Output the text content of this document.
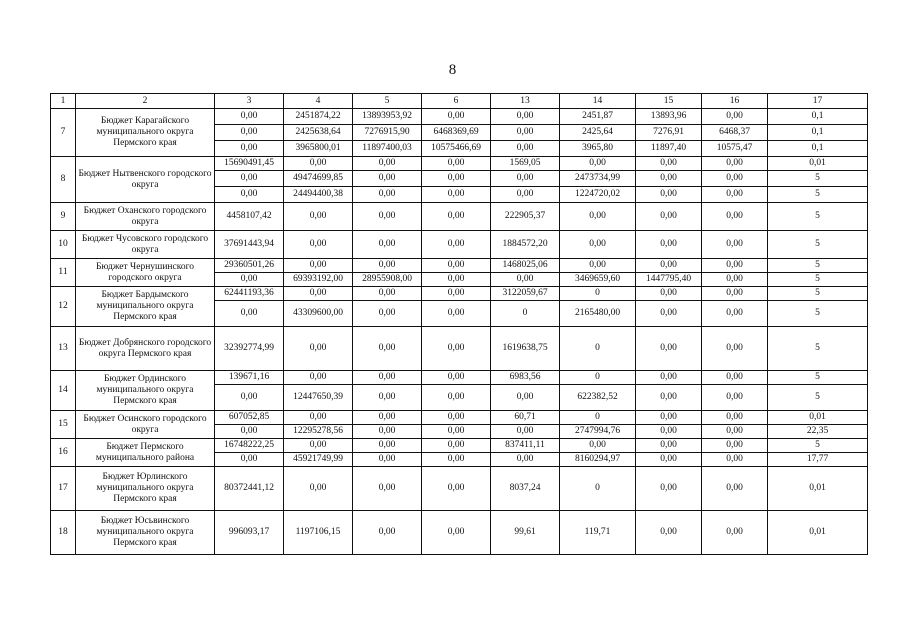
8
1	2	3	4	5	6	13	14	15	16	17
7	Бюджет Карагайского муниципального округа Пермского края	0,00	2451874,22	13893953,92	0,00	0,00	2451,87	13893,96	0,00	0,1
		0,00	2425638,64	7276915,90	6468369,69	0,00	2425,64	7276,91	6468,37	0,1
		0,00	3965800,01	11897400,03	10575466,69	0,00	3965,80	11897,40	10575,47	0,1
8	Бюджет Нытвенского городского округа	15690491,45	0,00	0,00	0,00	1569,05	0,00	0,00	0,00	0,01
		0,00	49474699,85	0,00	0,00	0,00	2473734,99	0,00	0,00	5
		0,00	24494400,38	0,00	0,00	0,00	1224720,02	0,00	0,00	5
9	Бюджет Оханского городского округа	4458107,42	0,00	0,00	0,00	222905,37	0,00	0,00	0,00	5
10	Бюджет Чусовского городского округа	37691443,94	0,00	0,00	0,00	1884572,20	0,00	0,00	0,00	5
11	Бюджет Чернушинского городского округа	29360501,26	0,00	0,00	0,00	1468025,06	0,00	0,00	0,00	5
		0,00	69393192,00	28955908,00	0,00	0,00	3469659,60	1447795,40	0,00	5
12	Бюджет Бардымского муниципального округа Пермского края	62441193,36	0,00	0,00	0,00	3122059,67	0	0,00	0,00	5
		0,00	43309600,00	0,00	0,00	0	2165480,00	0,00	0,00	5
13	Бюджет Добрянского городского округа Пермского края	32392774,99	0,00	0,00	0,00	1619638,75	0	0,00	0,00	5
14	Бюджет Ординского муниципального округа Пермского края	139671,16	0,00	0,00	0,00	6983,56	0	0,00	0,00	5
		0,00	12447650,39	0,00	0,00	0,00	622382,52	0,00	0,00	5
15	Бюджет Осинского городского округа	607052,85	0,00	0,00	0,00	60,71	0	0,00	0,00	0,01
		0,00	12295278,56	0,00	0,00	0,00	2747994,76	0,00	0,00	22,35
16	Бюджет Пермского муниципального района	16748222,25	0,00	0,00	0,00	837411,11	0,00	0,00	0,00	5
		0,00	45921749,99	0,00	0,00	0,00	8160294,97	0,00	0,00	17,77
17	Бюджет Юрлинского муниципального округа Пермского края	80372441,12	0,00	0,00	0,00	8037,24	0	0,00	0,00	0,01
18	Бюджет Юсьвинского муниципального округа Пермского края	996093,17	1197106,15	0,00	0,00	99,61	119,71	0,00	0,00	0,01
